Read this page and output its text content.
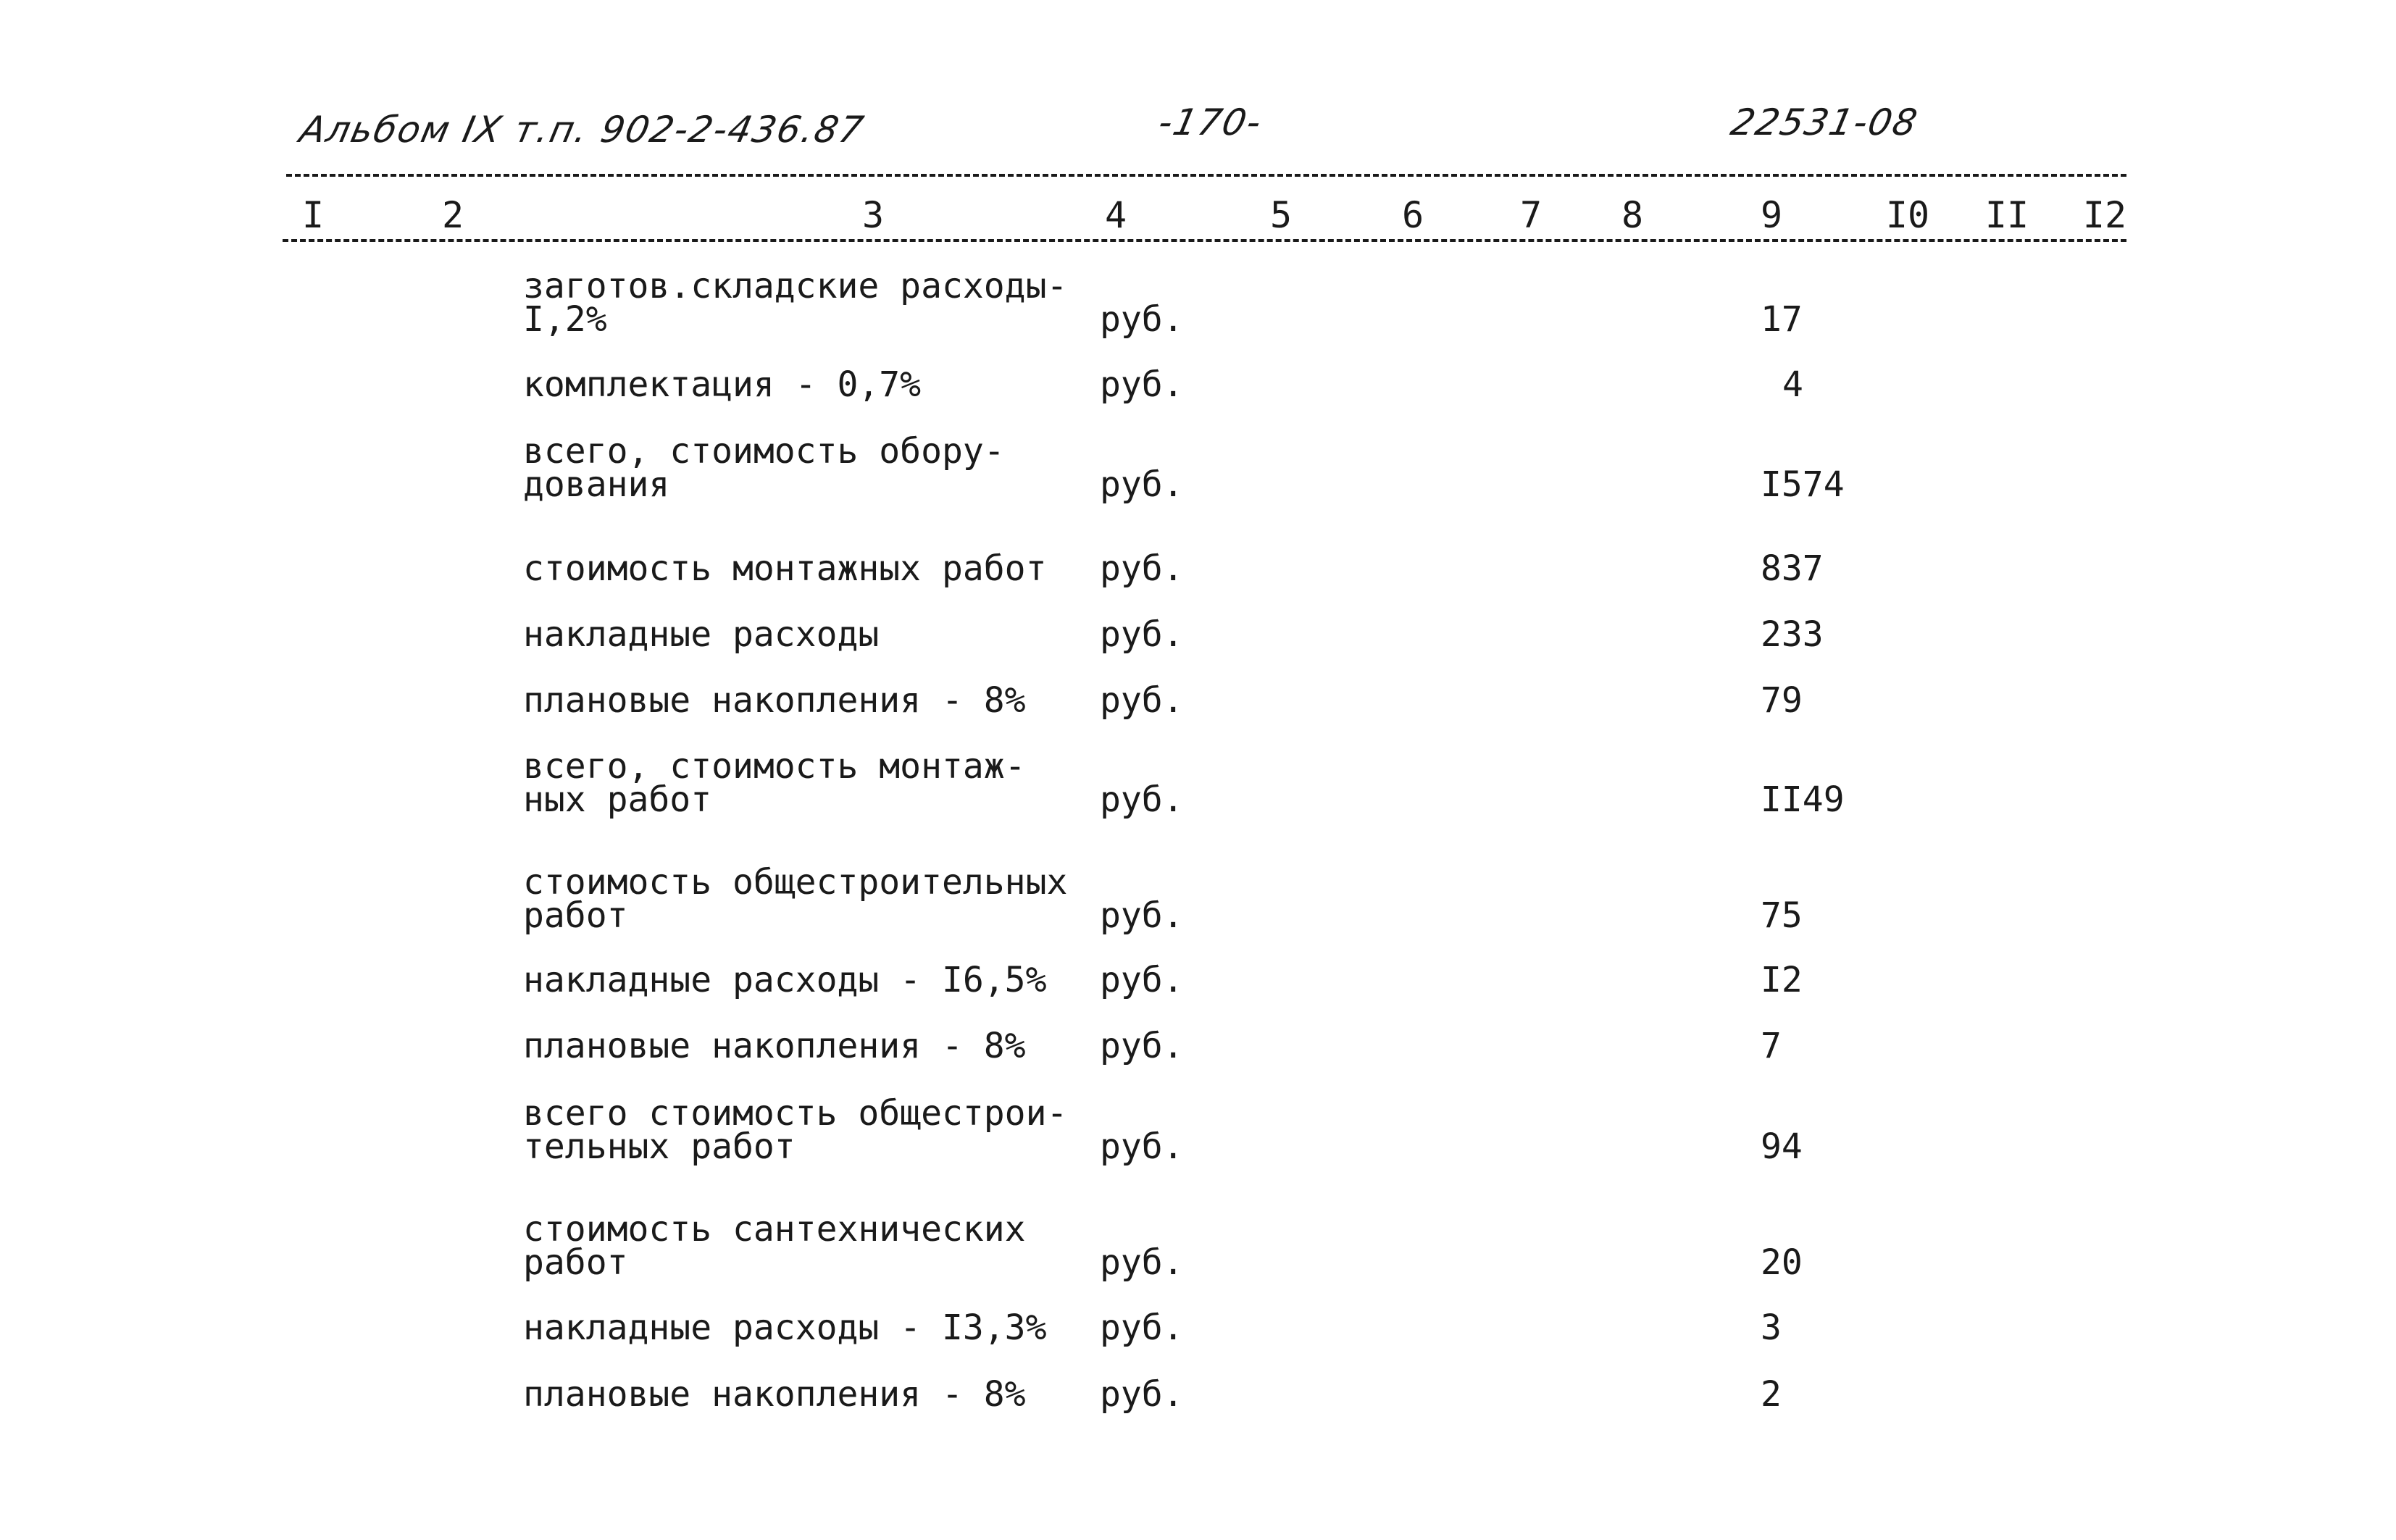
Альбом IX т.п. 902-2-436.87	-170-	22531-08
I	2	3	4	5	6	7	8	9	I0	II	I2
заготов.складские расходы-
I,2%	руб.	17
комплектация - 0,7%	руб.	4
всего, стоимость обору-
дования	руб.	I574
стоимость монтажных работ руб.	837
накладные расходы	руб.	233
плановые накопления - 8% руб.	79
всего, стоимость монтаж-
ных работ	руб.	II49
стоимость общестроительных
работ	руб.	75
накладные расходы - I6,5% руб.	I2
плановые накопления - 8% руб.	7
всего стоимость общестрои-
тельных работ	руб.	94
стоимость сантехнических
работ	руб.	20
накладные расходы - I3,3% руб.	3
плановые накопления - 8% руб.	2
